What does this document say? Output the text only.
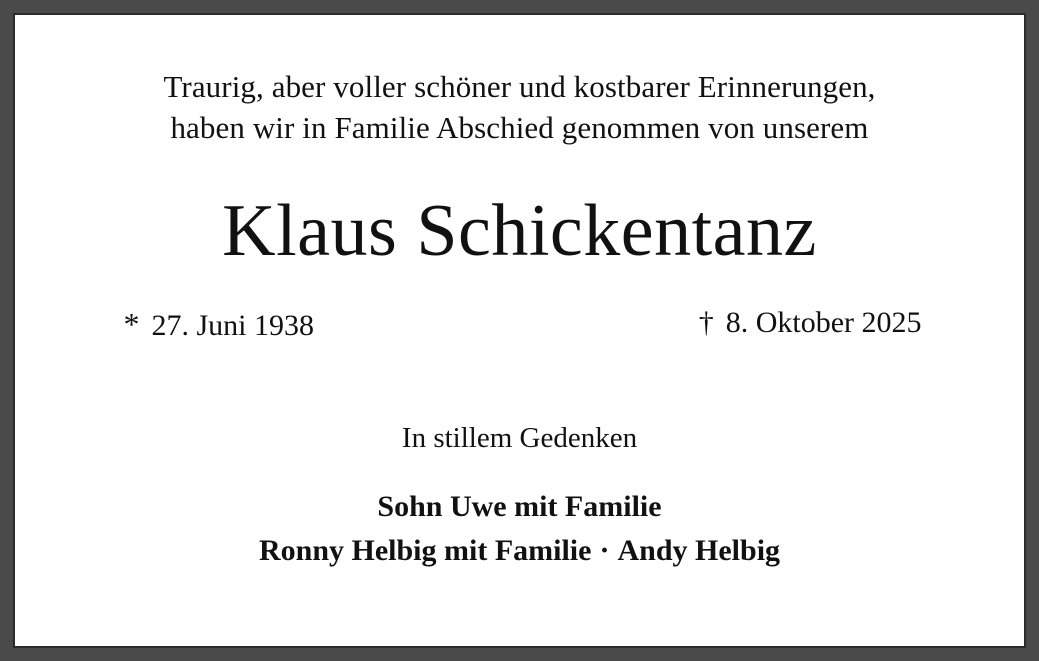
Traurig, aber voller schöner und kostbarer Erinnerungen,
haben wir in Familie Abschied genommen von unserem
Klaus Schickentanz
* 27. Juni 1938	† 8. Oktober 2025
In stillem Gedenken
Sohn Uwe mit Familie
Ronny Helbig mit Familie · Andy Helbig
